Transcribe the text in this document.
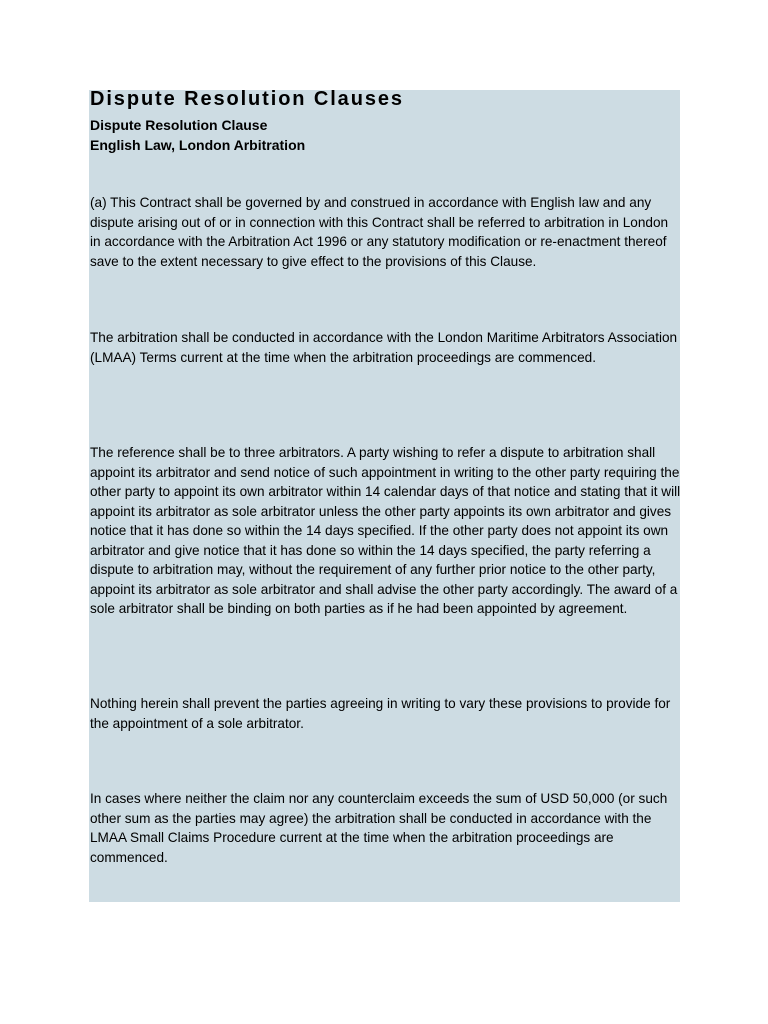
Dispute Resolution Clauses

Dispute Resolution Clause

English Law, London Arbitration

(a) This Contract shall be governed by and construed in accordance with English law and any dispute arising out of or in connection with this Contract shall be referred to arbitration in London in accordance with the Arbitration Act 1996 or any statutory modification or re-enactment thereof save to the extent necessary to give effect to the provisions of this Clause.

The arbitration shall be conducted in accordance with the London Maritime Arbitrators Association (LMAA) Terms current at the time when the arbitration proceedings are commenced.

The reference shall be to three arbitrators. A party wishing to refer a dispute to arbitration shall appoint its arbitrator and send notice of such appointment in writing to the other party requiring the other party to appoint its own arbitrator within 14 calendar days of that notice and stating that it will appoint its arbitrator as sole arbitrator unless the other party appoints its own arbitrator and gives notice that it has done so within the 14 days specified. If the other party does not appoint its own arbitrator and give notice that it has done so within the 14 days specified, the party referring a dispute to arbitration may, without the requirement of any further prior notice to the other party, appoint its arbitrator as sole arbitrator and shall advise the other party accordingly. The award of a sole arbitrator shall be binding on both parties as if he had been appointed by agreement.

Nothing herein shall prevent the parties agreeing in writing to vary these provisions to provide for the appointment of a sole arbitrator.

In cases where neither the claim nor any counterclaim exceeds the sum of USD 50,000 (or such other sum as the parties may agree) the arbitration shall be conducted in accordance with the LMAA Small Claims Procedure current at the time when the arbitration proceedings are commenced.
